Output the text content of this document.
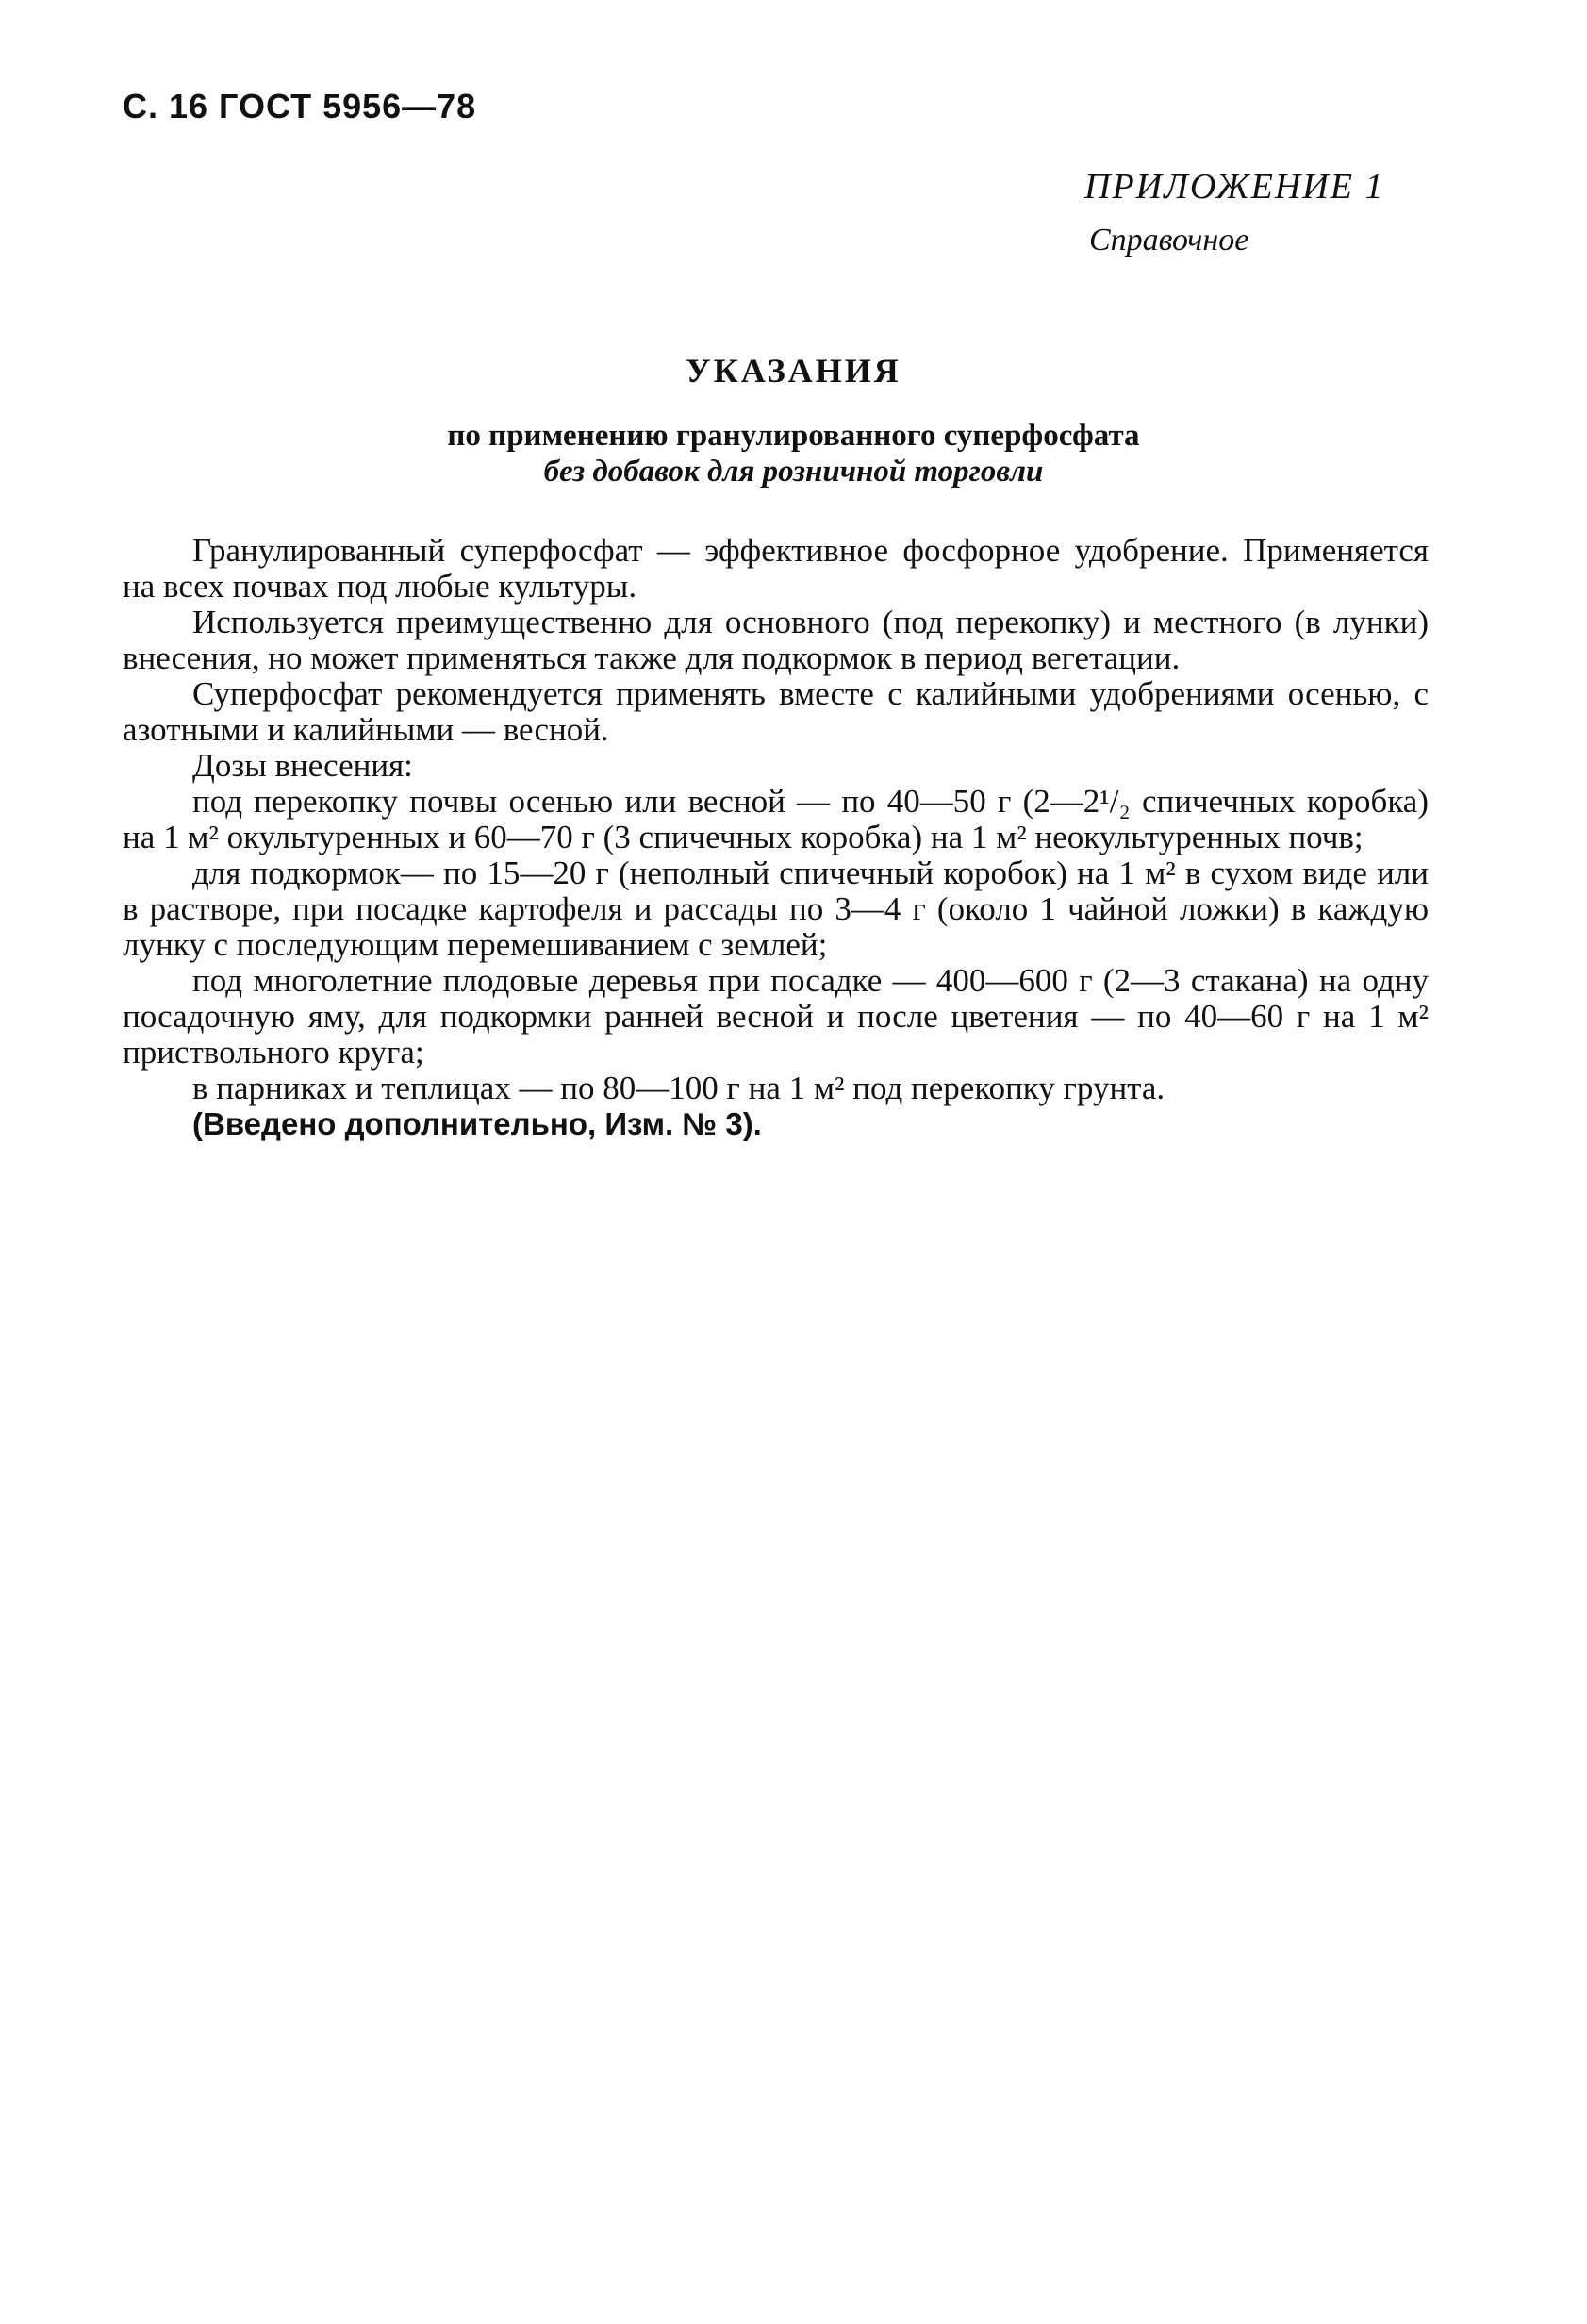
С. 16 ГОСТ 5956—78
ПРИЛОЖЕНИЕ 1
Справочное
УКАЗАНИЯ
по применению гранулированного суперфосфата
без добавок для розничной торговли

Гранулированный суперфосфат — эффективное фосфорное удобрение. Применяется на всех почвах под любые культуры.

Используется преимущественно для основного (под перекопку) и местного (в лунки) внесения, но может применяться также для подкормок в период вегетации.

Суперфосфат рекомендуется применять вместе с калийными удобрениями осенью, с азотными и калийными — весной.

Дозы внесения:

под перекопку почвы осенью или весной — по 40—50 г (2—2¹/₂ спичечных коробка) на 1 м² окультуренных и 60—70 г (3 спичечных коробка) на 1 м² неокультуренных почв;

для подкормок— по 15—20 г (неполный спичечный коробок) на 1 м² в сухом виде или в растворе, при посадке картофеля и рассады по 3—4 г (около 1 чайной ложки) в каждую лунку с последующим перемешиванием с землей;

под многолетние плодовые деревья при посадке — 400—600 г (2—3 стакана) на одну посадочную яму, для подкормки ранней весной и после цветения — по 40—60 г на 1 м² приствольного круга;

в парниках и теплицах — по 80—100 г на 1 м² под перекопку грунта.

(Введено дополнительно, Изм. № 3).
